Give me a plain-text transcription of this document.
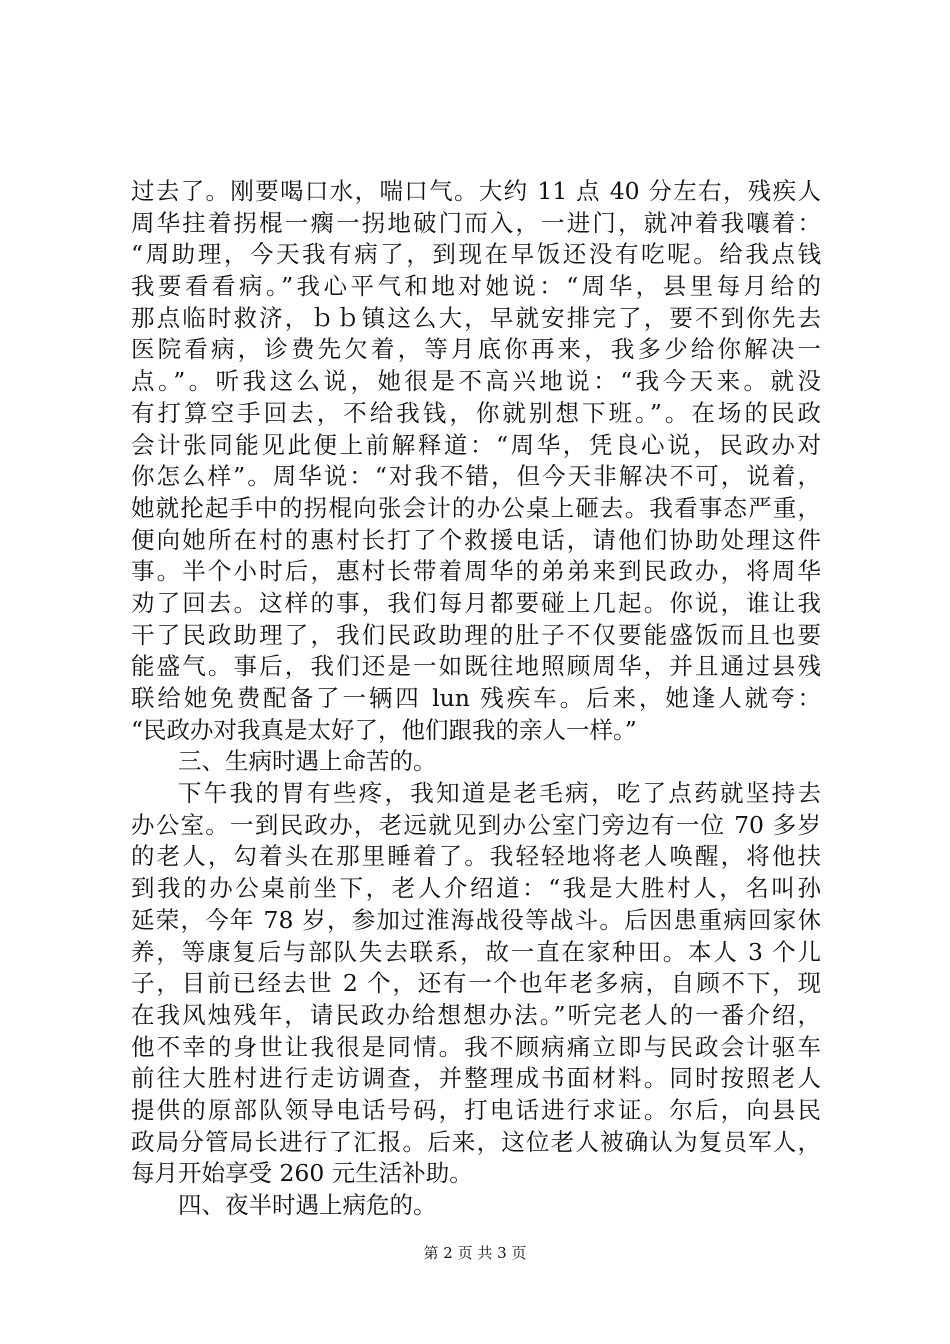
过去了。刚要喝口水，喘口气。大约 11 点 40 分左右，残疾人
周华拄着拐棍一瘸一拐地破门而入，一进门，就冲着我嚷着：
“周助理，今天我有病了，到现在早饭还没有吃呢。给我点钱
我要看看病。”我心平气和地对她说：“周华，县里每月给的
那点临时救济，ｂｂ镇这么大，早就安排完了，要不到你先去
医院看病，诊费先欠着，等月底你再来，我多少给你解决一
点。”。听我这么说，她很是不高兴地说：“我今天来。就没
有打算空手回去，不给我钱，你就别想下班。”。在场的民政
会计张同能见此便上前解释道：“周华，凭良心说，民政办对
你怎么样”。周华说：“对我不错，但今天非解决不可，说着，
她就抡起手中的拐棍向张会计的办公桌上砸去。我看事态严重，
便向她所在村的惠村长打了个救援电话，请他们协助处理这件
事。半个小时后，惠村长带着周华的弟弟来到民政办，将周华
劝了回去。这样的事，我们每月都要碰上几起。你说，谁让我
干了民政助理了，我们民政助理的肚子不仅要能盛饭而且也要
能盛气。事后，我们还是一如既往地照顾周华，并且通过县残
联给她免费配备了一辆四 lun 残疾车。后来，她逢人就夸：
“民政办对我真是太好了，他们跟我的亲人一样。”
三、生病时遇上命苦的。
下午我的胃有些疼，我知道是老毛病，吃了点药就坚持去
办公室。一到民政办，老远就见到办公室门旁边有一位 70 多岁
的老人，勾着头在那里睡着了。我轻轻地将老人唤醒，将他扶
到我的办公桌前坐下，老人介绍道：“我是大胜村人，名叫孙
延荣，今年 78 岁，参加过淮海战役等战斗。后因患重病回家休
养，等康复后与部队失去联系，故一直在家种田。本人 3 个儿
子，目前已经去世 2 个，还有一个也年老多病，自顾不下，现
在我风烛残年，请民政办给想想办法。”听完老人的一番介绍，
他不幸的身世让我很是同情。我不顾病痛立即与民政会计驱车
前往大胜村进行走访调查，并整理成书面材料。同时按照老人
提供的原部队领导电话号码，打电话进行求证。尔后，向县民
政局分管局长进行了汇报。后来，这位老人被确认为复员军人，
每月开始享受 260 元生活补助。
四、夜半时遇上病危的。
第 2 页 共 3 页
